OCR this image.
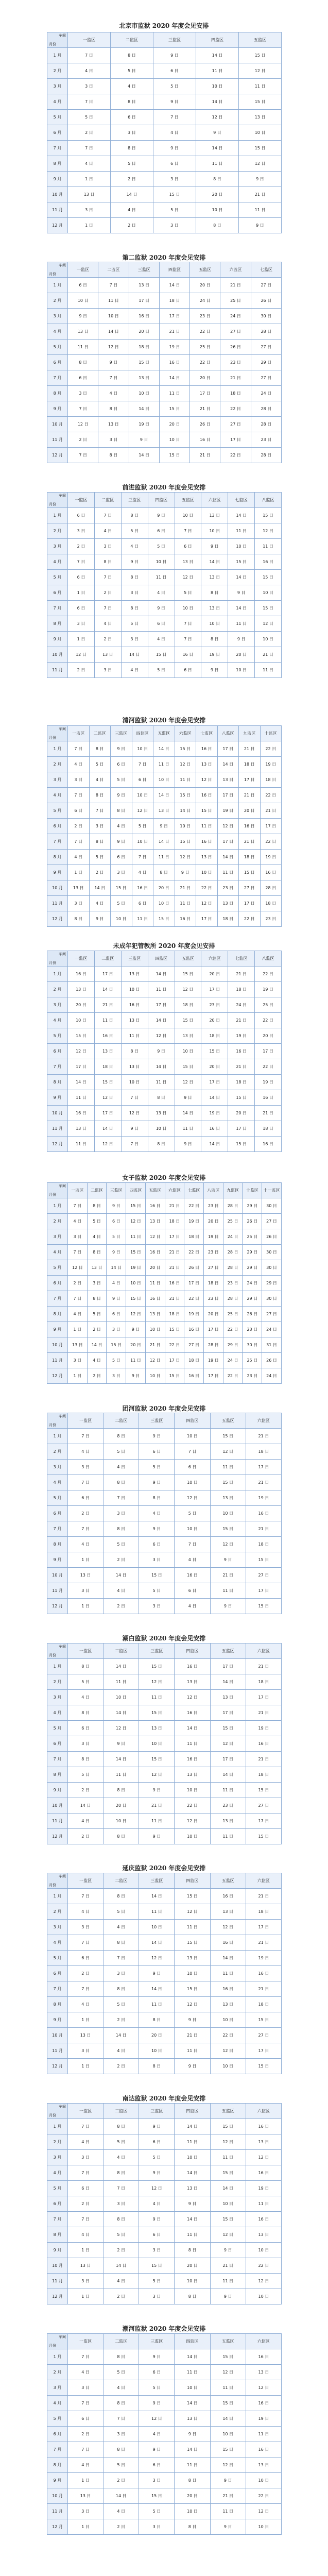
北京市监狱 2020 年度会见安排
车间
月份	一监区	二监区	三监区	四监区	五监区
1 月	7 日	8 日	9 日	14 日	15 日
2 月	4 日	5 日	6 日	11 日	12 日
3 月	3 日	4 日	5 日	10 日	11 日
4 月	7 日	8 日	9 日	14 日	15 日
5 月	5 日	6 日	7 日	12 日	13 日
6 月	2 日	3 日	4 日	9 日	10 日
7 月	7 日	8 日	9 日	14 日	15 日
8 月	4 日	5 日	6 日	11 日	12 日
9 月	1 日	2 日	3 日	8 日	9 日
10 月	13 日	14 日	15 日	20 日	21 日
11 月	3 日	4 日	5 日	10 日	11 日
12 月	1 日	2 日	3 日	8 日	9 日
第二监狱 2020 年度会见安排
车间
月份	一监区	二监区	三监区	四监区	五监区	六监区	七监区
1 月	6 日	7 日	13 日	14 日	20 日	21 日	27 日
2 月	10 日	11 日	17 日	18 日	24 日	25 日	26 日
3 月	9 日	10 日	16 日	17 日	23 日	24 日	30 日
4 月	13 日	14 日	20 日	21 日	22 日	27 日	28 日
5 月	11 日	12 日	18 日	19 日	25 日	26 日	27 日
6 月	8 日	9 日	15 日	16 日	22 日	23 日	29 日
7 月	6 日	7 日	13 日	14 日	20 日	21 日	27 日
8 月	3 日	4 日	10 日	11 日	17 日	18 日	24 日
9 月	7 日	8 日	14 日	15 日	21 日	22 日	28 日
10 月	12 日	13 日	19 日	20 日	26 日	27 日	28 日
11 月	2 日	3 日	9 日	10 日	16 日	17 日	23 日
12 月	7 日	8 日	14 日	15 日	21 日	22 日	28 日
前进监狱 2020 年度会见安排
车间
月份	一监区	二监区	三监区	四监区	五监区	六监区	七监区	八监区
1 月	6 日	7 日	8 日	9 日	10 日	13 日	14 日	15 日
2 月	3 日	4 日	5 日	6 日	7 日	10 日	11 日	12 日
3 月	2 日	3 日	4 日	5 日	6 日	9 日	10 日	11 日
4 月	7 日	8 日	9 日	10 日	13 日	14 日	15 日	16 日
5 月	6 日	7 日	8 日	11 日	12 日	13 日	14 日	15 日
6 月	1 日	2 日	3 日	4 日	5 日	8 日	9 日	10 日
7 月	6 日	7 日	8 日	9 日	10 日	13 日	14 日	15 日
8 月	3 日	4 日	5 日	6 日	7 日	10 日	11 日	12 日
9 月	1 日	2 日	3 日	4 日	7 日	8 日	9 日	10 日
10 月	12 日	13 日	14 日	15 日	16 日	19 日	20 日	21 日
11 月	2 日	3 日	4 日	5 日	6 日	9 日	10 日	11 日
清河监狱 2020 年度会见安排
车间
月份	一监区	二监区	三监区	四监区	五监区	六监区	七监区	八监区	九监区	十监区
1 月	7 日	8 日	9 日	10 日	14 日	15 日	16 日	17 日	21 日	22 日
2 月	4 日	5 日	6 日	7 日	11 日	12 日	13 日	14 日	18 日	19 日
3 月	3 日	4 日	5 日	6 日	10 日	11 日	12 日	13 日	17 日	18 日
4 月	7 日	8 日	9 日	10 日	14 日	15 日	16 日	17 日	21 日	22 日
5 月	6 日	7 日	8 日	12 日	13 日	14 日	15 日	19 日	20 日	21 日
6 月	2 日	3 日	4 日	5 日	9 日	10 日	11 日	12 日	16 日	17 日
7 月	7 日	8 日	9 日	10 日	14 日	15 日	16 日	17 日	21 日	22 日
8 月	4 日	5 日	6 日	7 日	11 日	12 日	13 日	14 日	18 日	19 日
9 月	1 日	2 日	3 日	4 日	8 日	9 日	10 日	11 日	15 日	16 日
10 月	13 日	14 日	15 日	16 日	20 日	21 日	22 日	23 日	27 日	28 日
11 月	3 日	4 日	5 日	6 日	10 日	11 日	12 日	13 日	17 日	18 日
12 月	8 日	9 日	10 日	11 日	15 日	16 日	17 日	18 日	22 日	23 日
未成年犯管教所 2020 年度会见安排
车间
月份	一监区	二监区	三监区	四监区	五监区	六监区	七监区	八监区
1 月	16 日	17 日	13 日	14 日	15 日	20 日	21 日	22 日
2 月	13 日	14 日	10 日	11 日	12 日	17 日	18 日	19 日
3 月	20 日	21 日	16 日	17 日	18 日	23 日	24 日	25 日
4 月	10 日	11 日	13 日	14 日	15 日	20 日	21 日	22 日
5 月	15 日	16 日	11 日	12 日	13 日	18 日	19 日	20 日
6 月	12 日	13 日	8 日	9 日	10 日	15 日	16 日	17 日
7 月	17 日	18 日	13 日	14 日	15 日	20 日	21 日	22 日
8 月	14 日	15 日	10 日	11 日	12 日	17 日	18 日	19 日
9 月	11 日	12 日	7 日	8 日	9 日	14 日	15 日	16 日
10 月	16 日	17 日	12 日	13 日	14 日	19 日	20 日	21 日
11 月	13 日	14 日	9 日	10 日	11 日	16 日	17 日	18 日
12 月	11 日	12 日	7 日	8 日	9 日	14 日	15 日	16 日
女子监狱 2020 年度会见安排
车间
月份	一监区	二监区	三监区	四监区	五监区	六监区	七监区	八监区	九监区	十监区	十一监区
1 月	7 日	8 日	9 日	15 日	16 日	21 日	22 日	23 日	28 日	29 日	30 日
2 月	4 日	5 日	6 日	12 日	13 日	18 日	19 日	20 日	25 日	26 日	27 日
3 月	3 日	4 日	5 日	11 日	12 日	17 日	18 日	19 日	24 日	25 日	26 日
4 月	7 日	8 日	9 日	15 日	16 日	21 日	22 日	23 日	28 日	29 日	30 日
5 月	12 日	13 日	14 日	19 日	20 日	21 日	26 日	27 日	28 日	29 日	30 日
6 月	2 日	3 日	4 日	10 日	11 日	16 日	17 日	18 日	23 日	24 日	29 日
7 月	7 日	8 日	9 日	15 日	16 日	21 日	22 日	23 日	28 日	29 日	30 日
8 月	4 日	5 日	6 日	12 日	13 日	18 日	19 日	20 日	25 日	26 日	27 日
9 月	1 日	2 日	3 日	9 日	10 日	15 日	16 日	17 日	22 日	23 日	24 日
10 月	13 日	14 日	15 日	20 日	21 日	22 日	27 日	28 日	29 日	30 日	31 日
11 月	3 日	4 日	5 日	11 日	12 日	17 日	18 日	19 日	24 日	25 日	26 日
12 月	1 日	2 日	3 日	9 日	10 日	15 日	16 日	17 日	22 日	23 日	24 日
团河监狱 2020 年度会见安排
车间
月份	一监区	二监区	三监区	四监区	五监区	六监区
1 月	7 日	8 日	9 日	10 日	15 日	21 日
2 月	4 日	5 日	6 日	7 日	12 日	18 日
3 月	3 日	4 日	5 日	6 日	11 日	17 日
4 月	7 日	8 日	9 日	10 日	15 日	21 日
5 月	6 日	7 日	8 日	12 日	13 日	19 日
6 月	2 日	3 日	4 日	5 日	10 日	16 日
7 月	7 日	8 日	9 日	10 日	15 日	21 日
8 月	4 日	5 日	6 日	7 日	12 日	18 日
9 月	1 日	2 日	3 日	4 日	9 日	15 日
10 月	13 日	14 日	15 日	16 日	21 日	27 日
11 月	3 日	4 日	5 日	6 日	11 日	17 日
12 月	1 日	2 日	3 日	4 日	9 日	15 日
潮白监狱 2020 年度会见安排
车间
月份	一监区	二监区	三监区	四监区	五监区	六监区
1 月	8 日	14 日	15 日	16 日	17 日	21 日
2 月	5 日	11 日	12 日	13 日	14 日	18 日
3 月	4 日	10 日	11 日	12 日	13 日	17 日
4 月	8 日	14 日	15 日	16 日	17 日	21 日
5 月	6 日	12 日	13 日	14 日	15 日	19 日
6 月	3 日	9 日	10 日	11 日	12 日	16 日
7 月	8 日	14 日	15 日	16 日	17 日	21 日
8 月	5 日	11 日	12 日	13 日	14 日	18 日
9 月	2 日	8 日	9 日	10 日	11 日	15 日
10 月	14 日	20 日	21 日	22 日	23 日	27 日
11 月	4 日	10 日	11 日	12 日	13 日	17 日
12 月	2 日	8 日	9 日	10 日	11 日	15 日
延庆监狱 2020 年度会见安排
车间
月份	一监区	二监区	三监区	四监区	五监区	六监区
1 月	7 日	8 日	14 日	15 日	16 日	21 日
2 月	4 日	5 日	11 日	12 日	13 日	18 日
3 月	3 日	4 日	10 日	11 日	12 日	17 日
4 月	7 日	8 日	14 日	15 日	16 日	21 日
5 月	6 日	7 日	12 日	13 日	14 日	19 日
6 月	2 日	3 日	9 日	10 日	11 日	16 日
7 月	7 日	8 日	14 日	15 日	16 日	21 日
8 月	4 日	5 日	11 日	12 日	13 日	18 日
9 月	1 日	2 日	8 日	9 日	10 日	15 日
10 月	13 日	14 日	20 日	21 日	22 日	27 日
11 月	3 日	4 日	10 日	11 日	12 日	17 日
12 月	1 日	2 日	8 日	9 日	10 日	15 日
南达监狱 2020 年度会见安排
车间
月份	一监区	二监区	三监区	四监区	五监区	六监区
1 月	7 日	8 日	9 日	14 日	15 日	16 日
2 月	4 日	5 日	6 日	11 日	12 日	13 日
3 月	3 日	4 日	5 日	10 日	11 日	12 日
4 月	7 日	8 日	9 日	14 日	15 日	16 日
5 月	6 日	7 日	12 日	13 日	14 日	19 日
6 月	2 日	3 日	4 日	9 日	10 日	11 日
7 月	7 日	8 日	9 日	14 日	15 日	16 日
8 月	4 日	5 日	6 日	11 日	12 日	13 日
9 月	1 日	2 日	3 日	8 日	9 日	10 日
10 月	13 日	14 日	15 日	20 日	21 日	22 日
11 月	3 日	4 日	5 日	10 日	11 日	12 日
12 月	1 日	2 日	3 日	8 日	9 日	10 日
潮河监狱 2020 年度会见安排
车间
月份	一监区	二监区	三监区	四监区	五监区	六监区
1 月	7 日	8 日	9 日	14 日	15 日	16 日
2 月	4 日	5 日	6 日	11 日	12 日	13 日
3 月	3 日	4 日	5 日	10 日	11 日	12 日
4 月	7 日	8 日	9 日	14 日	15 日	16 日
5 月	6 日	7 日	12 日	13 日	14 日	19 日
6 月	2 日	3 日	4 日	9 日	10 日	11 日
7 月	7 日	8 日	9 日	14 日	15 日	16 日
8 月	4 日	5 日	6 日	11 日	12 日	13 日
9 月	1 日	2 日	3 日	8 日	9 日	10 日
10 月	13 日	14 日	15 日	20 日	21 日	22 日
11 月	3 日	4 日	5 日	10 日	11 日	12 日
12 月	1 日	2 日	3 日	8 日	9 日	10 日
